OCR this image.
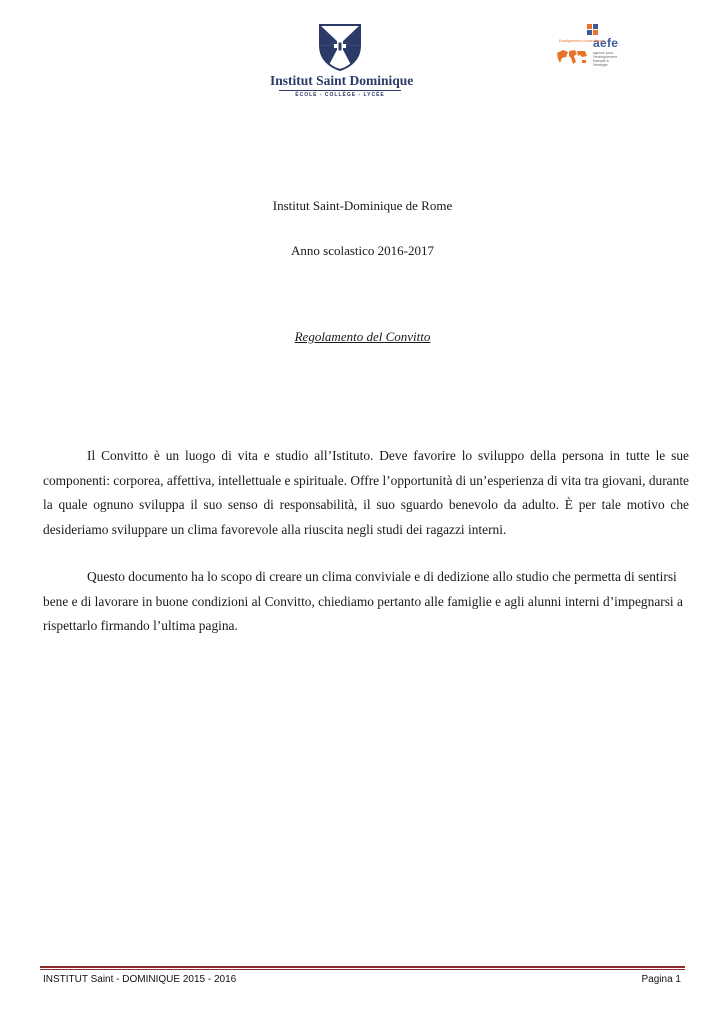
Institut Saint Dominique
ÉCOLE - COLLÈGE - LYCÉE
aefe
Enseignement conventionné
agence pour l'enseignement français à l'étranger
Institut Saint-Dominique de Rome
Anno scolastico 2016-2017
Regolamento del Convitto

Il Convitto è un luogo di vita e studio all’Istituto. Deve favorire lo sviluppo della persona in tutte le sue componenti: corporea, affettiva, intellettuale e spirituale. Offre l’opportunità di un’esperienza di vita tra giovani, durante la quale ognuno sviluppa il suo senso di responsabilità, il suo sguardo benevolo da adulto. È per tale motivo che desideriamo sviluppare un clima favorevole alla riuscita negli studi dei ragazzi interni.

Questo documento ha lo scopo di creare un clima conviviale e di dedizione allo studio che permetta di sentirsi bene e di lavorare in buone condizioni al Convitto, chiediamo pertanto alle famiglie e agli alunni interni d’impegnarsi a rispettarlo firmando l’ultima pagina.

INSTITUT Saint - DOMINIQUE 2015 - 2016	Pagina 1
